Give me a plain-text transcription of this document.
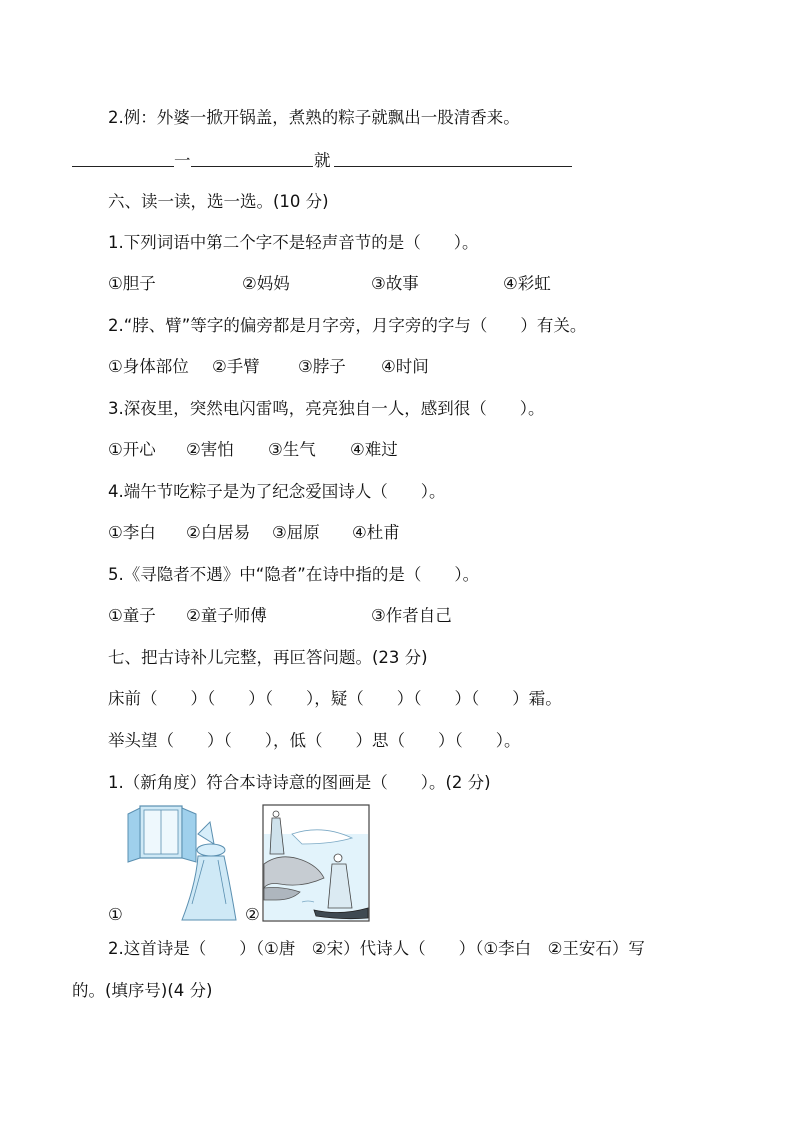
2.例：外婆一掀开锅盖，煮熟的粽子就飘出一股清香来。
一	就
六、读一读，选一选。(10 分)
1.下列词语中第二个字不是轻声音节的是（　　）。
①胆子	②妈妈	③故事	④彩虹
2.“脖、臂”等字的偏旁都是月字旁，月字旁的字与（　　）有关。
①身体部位 ②手臂 ③脖子 ④时间
3.深夜里，突然电闪雷鸣，亮亮独自一人，感到很（　　）。
①开心 ②害怕 ③生气 ④难过
4.端午节吃粽子是为了纪念爱国诗人（　　）。
①李白 ②白居易 ③屈原 ④杜甫
5.《寻隐者不遇》中“隐者”在诗中指的是（　　）。
①童子 ②童子师傅	③作者自己
七、把古诗补儿完整，再叵答问题。(23 分)
床前（　　）（　　）（　　），疑（　　）（　　）（　　）霜。
举头望（　　）（　　），低（　　）思（　　）（　　）。
1.（新角度）符合本诗诗意的图画是（　　）。(2 分)
①	②
2.这首诗是（　　）（①唐　②宋）代诗人（　　）（①李白　②王安石）写
的。(填序号)(4 分)
